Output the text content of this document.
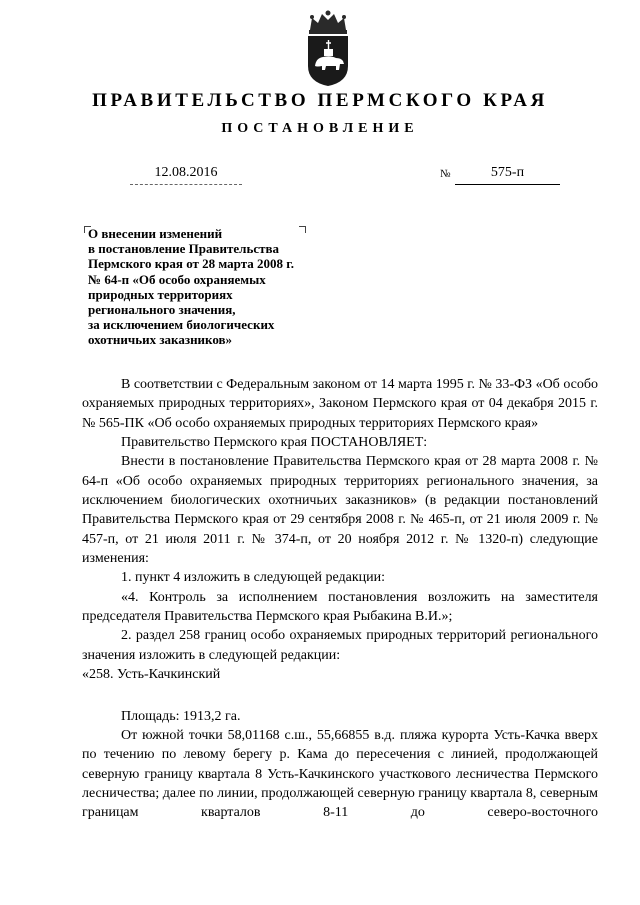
ПРАВИТЕЛЬСТВО ПЕРМСКОГО КРАЯ
ПОСТАНОВЛЕНИЕ
12.08.2016	№	575-п
О внесении изменений
в постановление Правительства
Пермского края от 28 марта 2008 г.
№ 64-п «Об особо охраняемых
природных территориях
регионального значения,
за исключением биологических
охотничьих заказников»

В соответствии с Федеральным законом от 14 марта 1995 г. № 33-ФЗ «Об особо охраняемых природных территориях», Законом Пермского края от 04 декабря 2015 г. № 565-ПК «Об особо охраняемых природных территориях Пермского края»

Правительство Пермского края ПОСТАНОВЛЯЕТ:

Внести в постановление Правительства Пермского края от 28 марта 2008 г. № 64-п «Об особо охраняемых природных территориях регионального значения, за исключением биологических охотничьих заказников» (в редакции постановлений Правительства Пермского края от 29 сентября 2008 г. № 465-п, от 21 июля 2009 г. № 457-п, от 21 июля 2011 г. № 374-п, от 20 ноября 2012 г. № 1320-п) следующие изменения:

1. пункт 4 изложить в следующей редакции:

«4. Контроль за исполнением постановления возложить на заместителя председателя Правительства Пермского края Рыбакина В.И.»;

2. раздел 258 границ особо охраняемых природных территорий регионального значения изложить в следующей редакции:

«258. Усть-Качкинский

Площадь: 1913,2 га.

От южной точки 58,01168 с.ш., 55,66855 в.д. пляжа курорта Усть-Качка вверх по течению по левому берегу р. Кама до пересечения с линией, продолжающей северную границу квартала 8 Усть-Качкинского участкового лесничества Пермского лесничества; далее по линии, продолжающей северную границу квартала 8, северным границам кварталов 8-11 до северо-восточного
